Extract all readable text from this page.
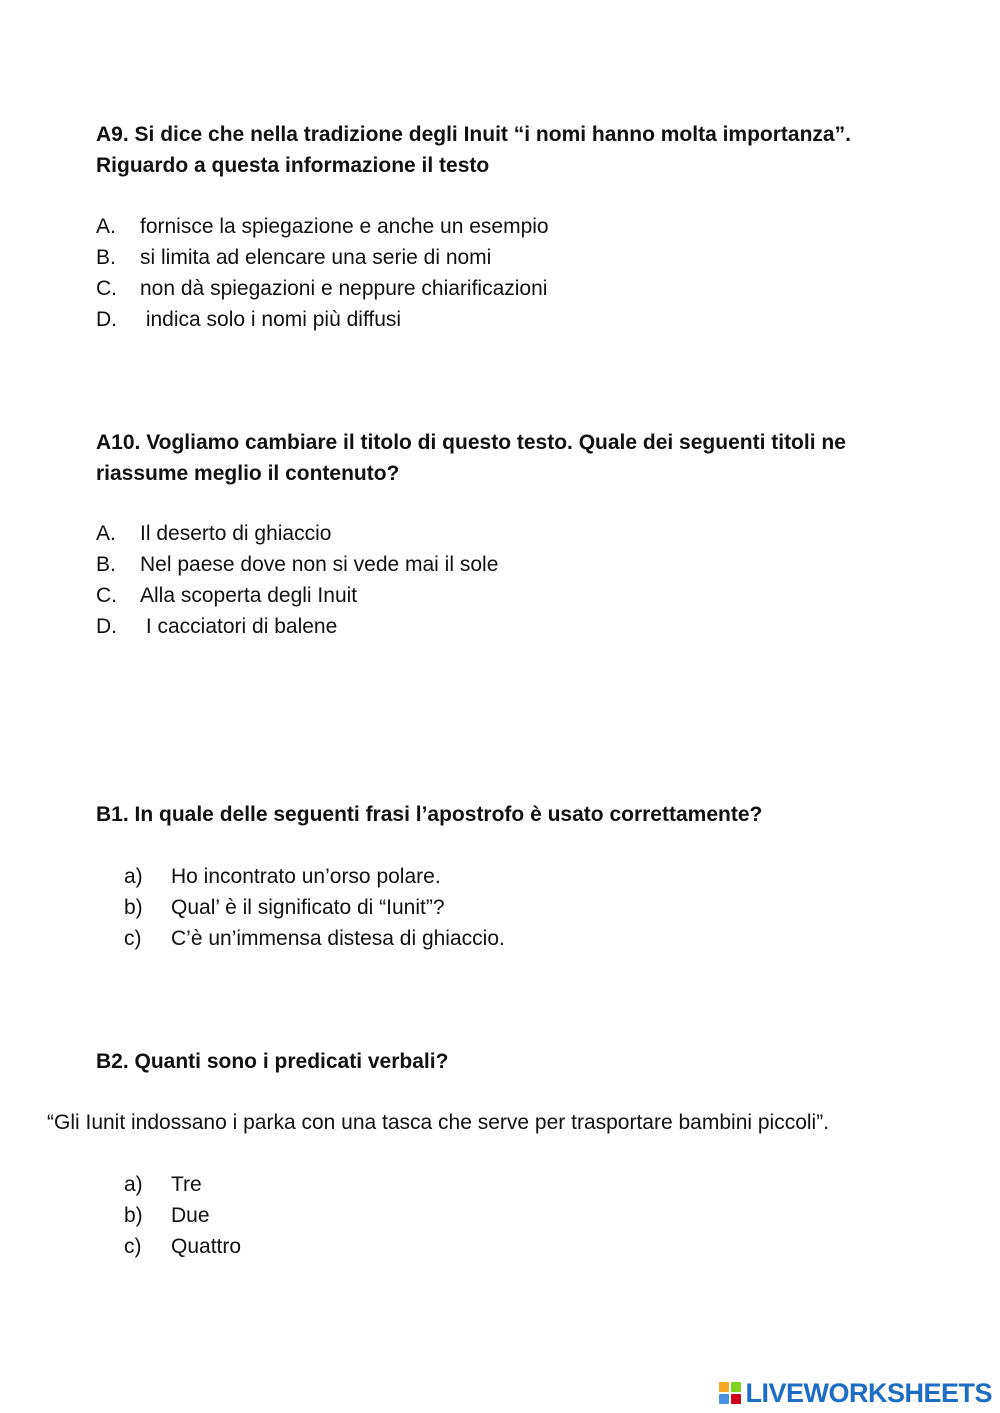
A9. Si dice che nella tradizione degli Inuit “i nomi hanno molta importanza”. Riguardo a questa informazione il testo
A. fornisce la spiegazione e anche un esempio
B. si limita ad elencare una serie di nomi
C. non dà spiegazioni e neppure chiarificazioni
D. indica solo i nomi più diffusi
A10. Vogliamo cambiare il titolo di questo testo. Quale dei seguenti titoli ne riassume meglio il contenuto?
A. Il deserto di ghiaccio
B. Nel paese dove non si vede mai il sole
C. Alla scoperta degli Inuit
D. I cacciatori di balene
B1. In quale delle seguenti frasi l’apostrofo è usato correttamente?
a) Ho incontrato un’orso polare.
b) Qual’ è il significato di “Iunit”?
c) C’è un’immensa distesa di ghiaccio.
B2. Quanti sono i predicati verbali?
“Gli Iunit indossano i parka con una tasca che serve per trasportare bambini piccoli”.
a) Tre
b) Due
c) Quattro
LIVEWORKSHEETS
